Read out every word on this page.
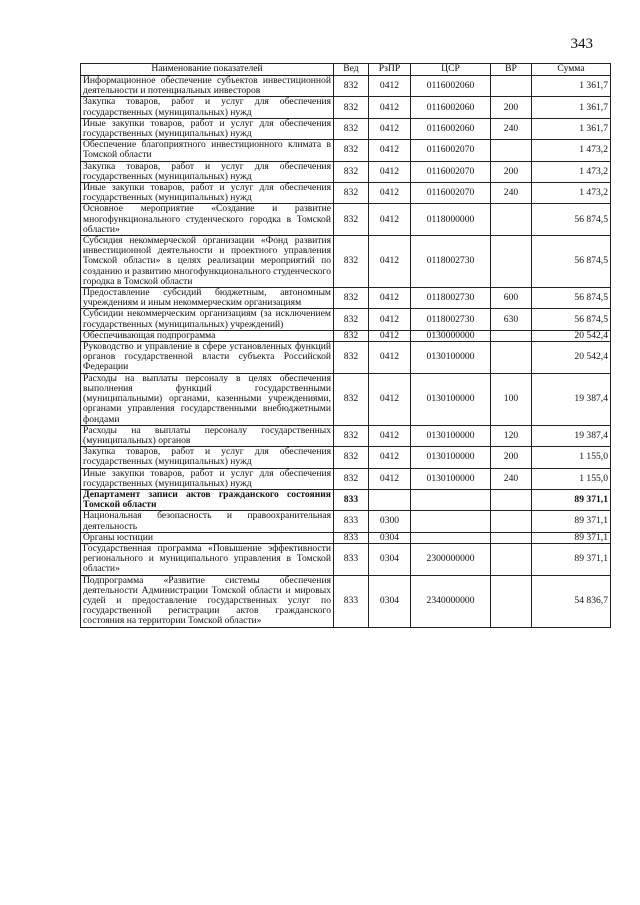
343
Наименование показателей	Вед	РзПР	ЦСР	ВР	Сумма
Информационное обеспечение субъектов инвестиционной деятельности и потенциальных инвесторов	832	0412	0116002060		1 361,7
Закупка товаров, работ и услуг для обеспечения государственных (муниципальных) нужд	832	0412	0116002060	200	1 361,7
Иные закупки товаров, работ и услуг для обеспечения государственных (муниципальных) нужд	832	0412	0116002060	240	1 361,7
Обеспечение благоприятного инвестиционного климата в Томской области	832	0412	0116002070		1 473,2
Закупка товаров, работ и услуг для обеспечения государственных (муниципальных) нужд	832	0412	0116002070	200	1 473,2
Иные закупки товаров, работ и услуг для обеспечения государственных (муниципальных) нужд	832	0412	0116002070	240	1 473,2
Основное мероприятие «Создание и развитие многофункционального студенческого городка в Томской области»	832	0412	0118000000		56 874,5
Субсидия некоммерческой организации «Фонд развития инвестиционной деятельности и проектного управления Томской области» в целях реализации мероприятий по созданию и развитию многофункционального студенческого городка в Томской области	832	0412	0118002730		56 874,5
Предоставление субсидий бюджетным, автономным учреждениям и иным некоммерческим организациям	832	0412	0118002730	600	56 874,5
Субсидии некоммерческим организациям (за исключением государственных (муниципальных) учреждений)	832	0412	0118002730	630	56 874,5
Обеспечивающая подпрограмма	832	0412	0130000000		20 542,4
Руководство и управление в сфере установленных функций органов государственной власти субъекта Российской Федерации	832	0412	0130100000		20 542,4
Расходы на выплаты персоналу в целях обеспечения выполнения функций государственными (муниципальными) органами, казенными учреждениями, органами управления государственными внебюджетными фондами	832	0412	0130100000	100	19 387,4
Расходы на выплаты персоналу государственных (муниципальных) органов	832	0412	0130100000	120	19 387,4
Закупка товаров, работ и услуг для обеспечения государственных (муниципальных) нужд	832	0412	0130100000	200	1 155,0
Иные закупки товаров, работ и услуг для обеспечения государственных (муниципальных) нужд	832	0412	0130100000	240	1 155,0
Департамент записи актов гражданского состояния Томской области	833				89 371,1
Национальная безопасность и правоохранительная деятельность	833	0300			89 371,1
Органы юстиции	833	0304			89 371,1
Государственная программа «Повышение эффективности регионального и муниципального управления в Томской области»	833	0304	2300000000		89 371,1
Подпрограмма «Развитие системы обеспечения деятельности Администрации Томской области и мировых судей и предоставление государственных услуг по государственной регистрации актов гражданского состояния на территории Томской области»	833	0304	2340000000		54 836,7
